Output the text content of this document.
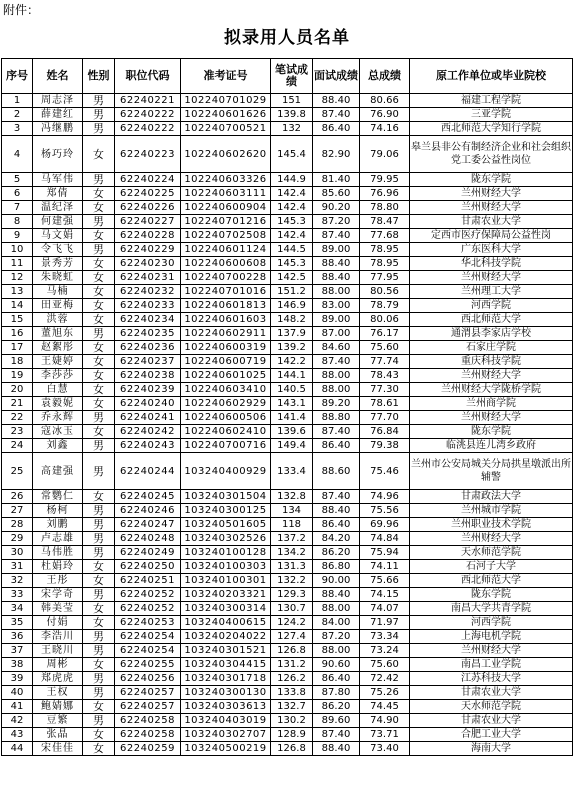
附件：
拟录用人员名单
序号	姓名	性别	职位代码	准考证号	笔试成绩	面试成绩	总成绩	原工作单位或毕业院校
1	周志泽	男	62240221	102240701029	151	88.40	80.66	福建工程学院
2	薛建红	男	62240222	102240601626	139.8	87.40	76.90	三亚学院
3	冯继鹏	男	62240222	102240700521	132	86.40	74.16	西北师范大学知行学院
4	杨巧玲	女	62240223	102240602620	145.4	82.90	79.06	皋兰县非公有制经济企业和社会组织党工委公益性岗位
5	马军伟	男	62240224	102240603326	144.9	81.40	79.95	陇东学院
6	郑倩	女	62240225	102240603111	142.4	85.60	76.96	兰州财经大学
7	温纪泽	女	62240226	102240600904	142.4	90.20	78.80	兰州财经大学
8	何建强	男	62240227	102240701216	145.3	87.20	78.47	甘肃农业大学
9	马文娟	女	62240228	102240702508	142.4	87.40	77.68	定西市医疗保障局公益性岗
10	令飞飞	男	62240229	102240601124	144.5	89.00	78.95	广东医科大学
11	景秀芳	女	62240230	102240600608	145.3	88.40	78.95	华北科技学院
12	朱晓虹	女	62240231	102240700228	142.5	88.40	77.95	兰州财经大学
13	马楠	女	62240232	102240701016	151.2	88.00	80.56	兰州理工大学
14	田亚梅	女	62240233	102240601813	146.9	83.00	78.79	河西学院
15	洪蓉	女	62240234	102240601603	148.2	89.00	80.06	西北师范大学
16	董旭东	男	62240235	102240602911	137.9	87.00	76.17	通渭县李家店学校
17	赵絮彤	女	62240236	102240600319	139.2	84.60	75.60	石家庄学院
18	王婕婷	女	62240237	102240600719	142.2	87.40	77.74	重庆科技学院
19	李莎莎	女	62240238	102240601025	144.1	88.00	78.43	兰州财经大学
20	白慧	女	62240239	102240603410	140.5	88.00	77.30	兰州财经大学陇桥学院
21	袁毅妮	女	62240240	102240602929	143.1	89.20	78.61	兰州商学院
22	乔永辉	男	62240241	102240600506	141.4	88.80	77.70	兰州财经大学
23	寇冰玉	女	62240242	102240602410	139.6	87.40	76.84	陇东学院
24	刘鑫	男	62240243	102240700716	149.4	86.40	79.38	临洮县连儿湾乡政府
25	高建强	男	62240244	103240400929	133.4	88.60	75.46	兰州市公安局城关分局拱星墩派出所辅警
26	常鹦仁	女	62240245	103240301504	132.8	87.40	74.96	甘肃政法大学
27	杨柯	男	62240246	103240300125	134	88.40	75.56	兰州城市学院
28	刘鹏	男	62240247	103240501605	118	86.40	69.96	兰州职业技术学院
29	卢志雄	男	62240248	103240302526	137.2	84.20	74.84	兰州财经大学
30	马伟胜	男	62240249	103240100128	134.2	86.20	75.94	天水师范学院
31	杜娟玲	女	62240250	103240100303	131.3	86.80	74.11	石河子大学
32	王彤	女	62240251	103240100301	132.2	90.00	75.66	西北师范大学
33	宋学奇	男	62240252	103240203321	129.3	88.40	74.15	陇东学院
34	韩美莹	女	62240252	103240300314	130.7	88.00	74.07	南昌大学共青学院
35	付娟	女	62240253	103240400615	124.2	84.00	71.97	河西学院
36	李浩川	男	62240254	103240204022	127.4	87.20	73.34	上海电机学院
37	王晓川	男	62240254	103240301521	126.8	88.00	73.24	兰州财经大学
38	周彬	女	62240255	103240304415	131.2	90.60	75.60	南昌工业学院
39	郑虎虎	男	62240256	103240301718	126.2	86.40	72.42	江苏科技大学
40	王权	男	62240257	103240300130	133.8	87.80	75.26	甘肃农业大学
41	鲍婧娜	女	62240257	103240303613	132.7	86.20	74.45	天水师范学院
42	豆繁	男	62240258	103240403019	130.2	89.60	74.90	甘肃农业大学
43	张晶	女	62240258	103240302707	128.9	87.40	73.71	合肥工业大学
44	宋佳佳	女	62240259	103240500219	126.8	88.40	73.40	海南大学
